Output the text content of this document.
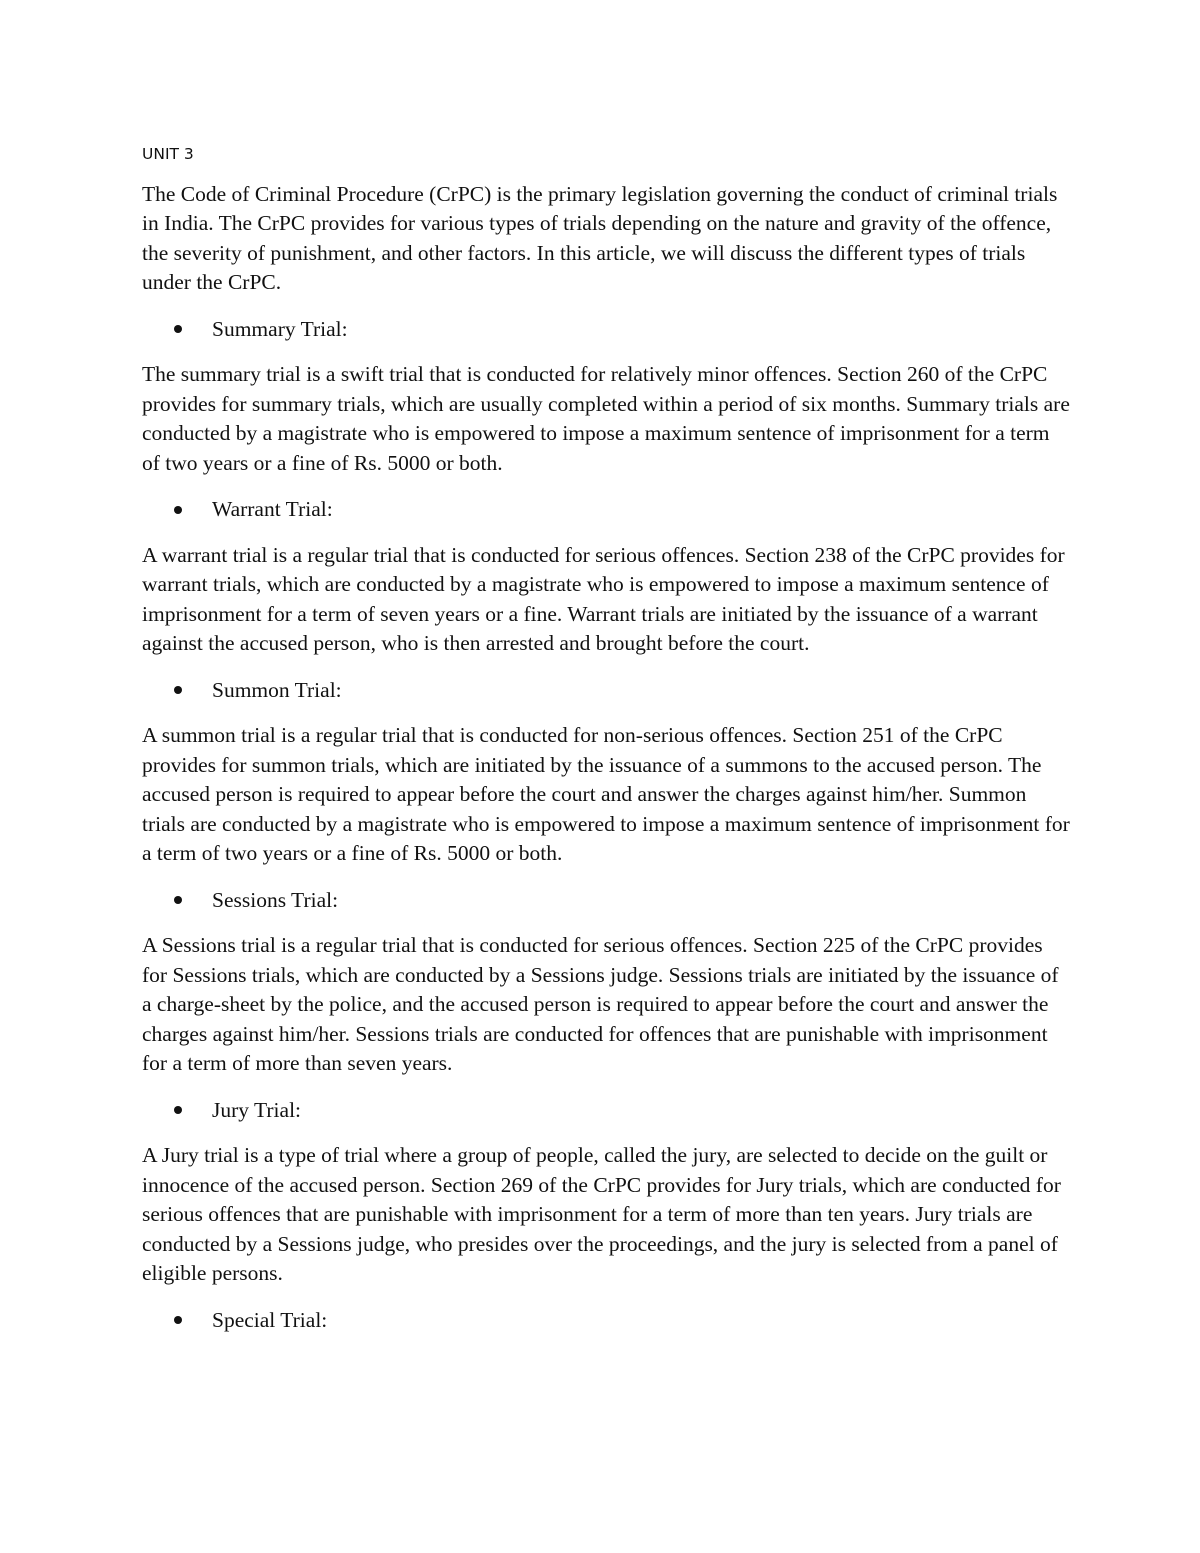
UNIT 3

The Code of Criminal Procedure (CrPC) is the primary legislation governing the conduct of criminal trials in India. The CrPC provides for various types of trials depending on the nature and gravity of the offence, the severity of punishment, and other factors. In this article, we will discuss the different types of trials under the CrPC.

Summary Trial:

The summary trial is a swift trial that is conducted for relatively minor offences. Section 260 of the CrPC provides for summary trials, which are usually completed within a period of six months. Summary trials are conducted by a magistrate who is empowered to impose a maximum sentence of imprisonment for a term of two years or a fine of Rs. 5000 or both.

Warrant Trial:

A warrant trial is a regular trial that is conducted for serious offences. Section 238 of the CrPC provides for warrant trials, which are conducted by a magistrate who is empowered to impose a maximum sentence of imprisonment for a term of seven years or a fine. Warrant trials are initiated by the issuance of a warrant against the accused person, who is then arrested and brought before the court.

Summon Trial:

A summon trial is a regular trial that is conducted for non-serious offences. Section 251 of the CrPC provides for summon trials, which are initiated by the issuance of a summons to the accused person. The accused person is required to appear before the court and answer the charges against him/her. Summon trials are conducted by a magistrate who is empowered to impose a maximum sentence of imprisonment for a term of two years or a fine of Rs. 5000 or both.

Sessions Trial:

A Sessions trial is a regular trial that is conducted for serious offences. Section 225 of the CrPC provides for Sessions trials, which are conducted by a Sessions judge. Sessions trials are initiated by the issuance of a charge-sheet by the police, and the accused person is required to appear before the court and answer the charges against him/her. Sessions trials are conducted for offences that are punishable with imprisonment for a term of more than seven years.

Jury Trial:

A Jury trial is a type of trial where a group of people, called the jury, are selected to decide on the guilt or innocence of the accused person. Section 269 of the CrPC provides for Jury trials, which are conducted for serious offences that are punishable with imprisonment for a term of more than ten years. Jury trials are conducted by a Sessions judge, who presides over the proceedings, and the jury is selected from a panel of eligible persons.

Special Trial:
